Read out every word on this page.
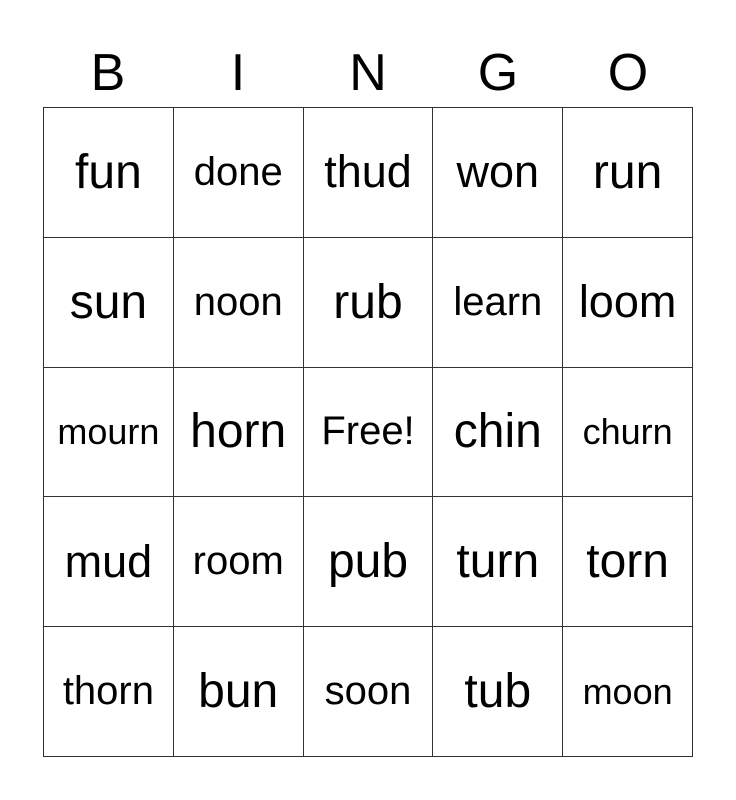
B	I	N	G	O
fun done thud won run
sun noon rub learn loom
mourn horn Free! chin churn
mud room pub turn torn
thorn bun soon tub moon
